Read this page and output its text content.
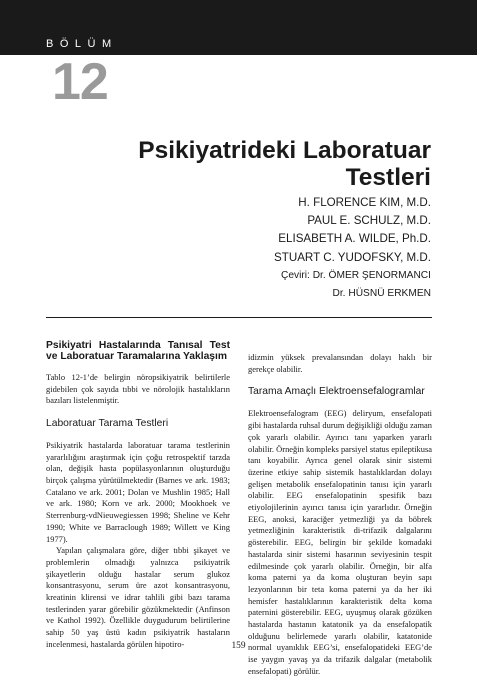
BÖLÜM
12
Psikiyatrideki Laboratuar
Testleri
H. FLORENCE KIM, M.D.
PAUL E. SCHULZ, M.D.
ELISABETH A. WILDE, Ph.D.
STUART C. YUDOFSKY, M.D.
Çeviri: Dr. ÖMER ŞENORMANCI
Dr. HÜSNÜ ERKMEN
Psikiyatri Hastalarında Tanısal Test ve Laboratuar Taramalarına Yaklaşım

Tablo 12-1’de belirgin nöropsikiyatrik belirtilerle gidebilen çok sayıda tıbbi ve nörolojik hastalıkların bazıları listelenmiştir.

Laboratuar Tarama Testleri

Psikiyatrik hastalarda laboratuar tarama testlerinin yararlılığını araştırmak için çoğu retrospektif tarzda olan, değişik hasta popülasyonlarının oluşturduğu birçok çalışma yürütülmektedir (Barnes ve ark. 1983; Catalano ve ark. 2001; Dolan ve Mushlin 1985; Hall ve ark. 1980; Korn ve ark. 2000; Mookhoek ve Sterrenburg-vdNieuwegiessen 1998; Sheline ve Kehr 1990; White ve Barraclough 1989; Willett ve King 1977).

Yapılan çalışmalara göre, diğer tıbbi şikayet ve problemlerin olmadığı yalnızca psikiyatrik şikayetlerin olduğu hastalar serum glukoz konsantrasyonu, serum üre azot konsantrasyonu, kreatinin klirensi ve idrar tahlili gibi bazı tarama testlerinden yarar görebilir gözükmektedir (Anfinson ve Kathol 1992). Özellikle duygudurum belirtilerine sahip 50 yaş üstü kadın psikiyatrik hastaların incelenmesi, hastalarda görülen hipotiro-

idizmin yüksek prevalansından dolayı haklı bir gerekçe olabilir.

Tarama Amaçlı Elektroensefalogramlar

Elektroensefalogram (EEG) deliryum, ensefalopati gibi hastalarda ruhsal durum değişikliği olduğu zaman çok yararlı olabilir. Ayırıcı tanı yaparken yararlı olabilir. Örneğin kompleks parsiyel status epileptikusa tanı koyabilir. Ayrıca genel olarak sinir sistemi üzerine etkiye sahip sistemik hastalıklardan dolayı gelişen metabolik ensefalopatinin tanısı için yararlı olabilir. EEG ensefalopatinin spesifik bazı etiyolojilerinin ayırıcı tanısı için yararlıdır. Örneğin EEG, anoksi, karaciğer yetmezliği ya da böbrek yetmezliğinin karakteristik di-trifazik dalgalarını gösterebilir. EEG, belirgin bir şekilde komadaki hastalarda sinir sistemi hasarının seviyesinin tespit edilmesinde çok yararlı olabilir. Örneğin, bir alfa koma paterni ya da koma oluşturan beyin sapı lezyonlarının bir teta koma paterni ya da her iki hemisfer hastalıklarının karakteristik delta koma paternini gösterebilir. EEG, uyuşmuş olarak gözüken hastalarda hastanın katatonik ya da ensefalopatik olduğunu belirlemede yararlı olabilir, katatonide normal uyanıklık EEG’si, ensefalopatideki EEG’de ise yaygın yavaş ya da trifazik dalgalar (metabolik ensefalopati) görülür.

159
